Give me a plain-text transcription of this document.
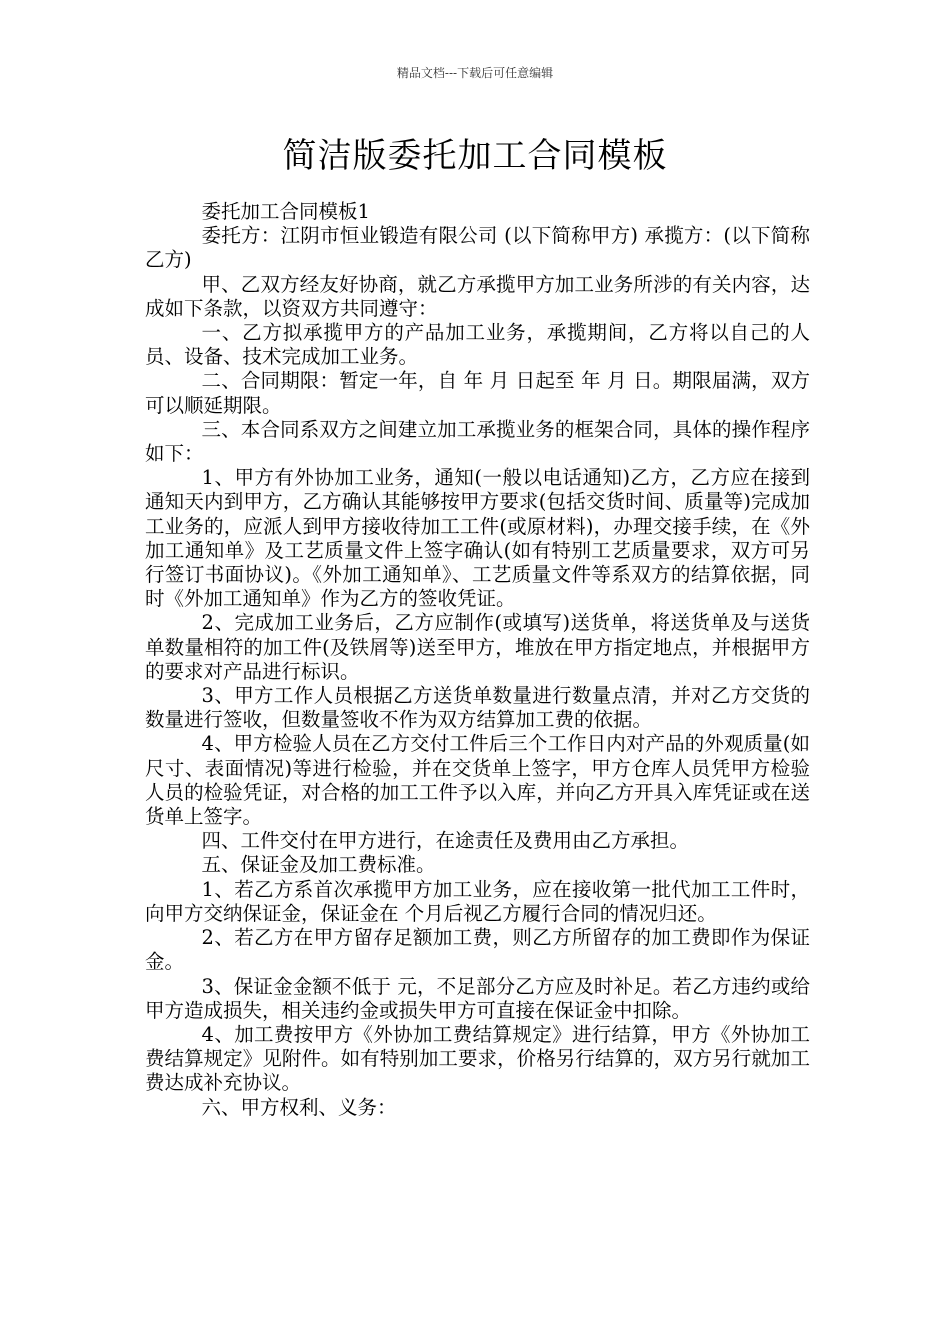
精品文档---下载后可任意编辑
简洁版委托加工合同模板

委托加工合同模板1

委托方：江阴市恒业锻造有限公司 (以下简称甲方) 承揽方：(以下简称乙方)

甲、乙双方经友好协商，就乙方承揽甲方加工业务所涉的有关内容，达成如下条款，以资双方共同遵守：

一、乙方拟承揽甲方的产品加工业务，承揽期间，乙方将以自己的人员、设备、技术完成加工业务。

二、合同期限：暂定一年，自 年 月 日起至 年 月 日。期限届满，双方可以顺延期限。

三、本合同系双方之间建立加工承揽业务的框架合同，具体的操作程序如下：

1、甲方有外协加工业务，通知(一般以电话通知)乙方，乙方应在接到通知天内到甲方，乙方确认其能够按甲方要求(包括交货时间、质量等)完成加工业务的，应派人到甲方接收待加工工件(或原材料)，办理交接手续，在《外加工通知单》及工艺质量文件上签字确认(如有特别工艺质量要求，双方可另行签订书面协议)。《外加工通知单》、工艺质量文件等系双方的结算依据，同时《外加工通知单》作为乙方的签收凭证。

2、完成加工业务后，乙方应制作(或填写)送货单，将送货单及与送货单数量相符的加工件(及铁屑等)送至甲方，堆放在甲方指定地点，并根据甲方的要求对产品进行标识。

3、甲方工作人员根据乙方送货单数量进行数量点清，并对乙方交货的数量进行签收，但数量签收不作为双方结算加工费的依据。

4、甲方检验人员在乙方交付工件后三个工作日内对产品的外观质量(如尺寸、表面情况)等进行检验，并在交货单上签字，甲方仓库人员凭甲方检验人员的检验凭证，对合格的加工工件予以入库，并向乙方开具入库凭证或在送货单上签字。

四、工件交付在甲方进行，在途责任及费用由乙方承担。

五、保证金及加工费标准。

1、若乙方系首次承揽甲方加工业务，应在接收第一批代加工工件时，向甲方交纳保证金，保证金在 个月后视乙方履行合同的情况归还。

2、若乙方在甲方留存足额加工费，则乙方所留存的加工费即作为保证金。

3、保证金金额不低于 元，不足部分乙方应及时补足。若乙方违约或给甲方造成损失，相关违约金或损失甲方可直接在保证金中扣除。

4、加工费按甲方《外协加工费结算规定》进行结算，甲方《外协加工费结算规定》见附件。如有特别加工要求，价格另行结算的，双方另行就加工费达成补充协议。

六、甲方权利、义务：
